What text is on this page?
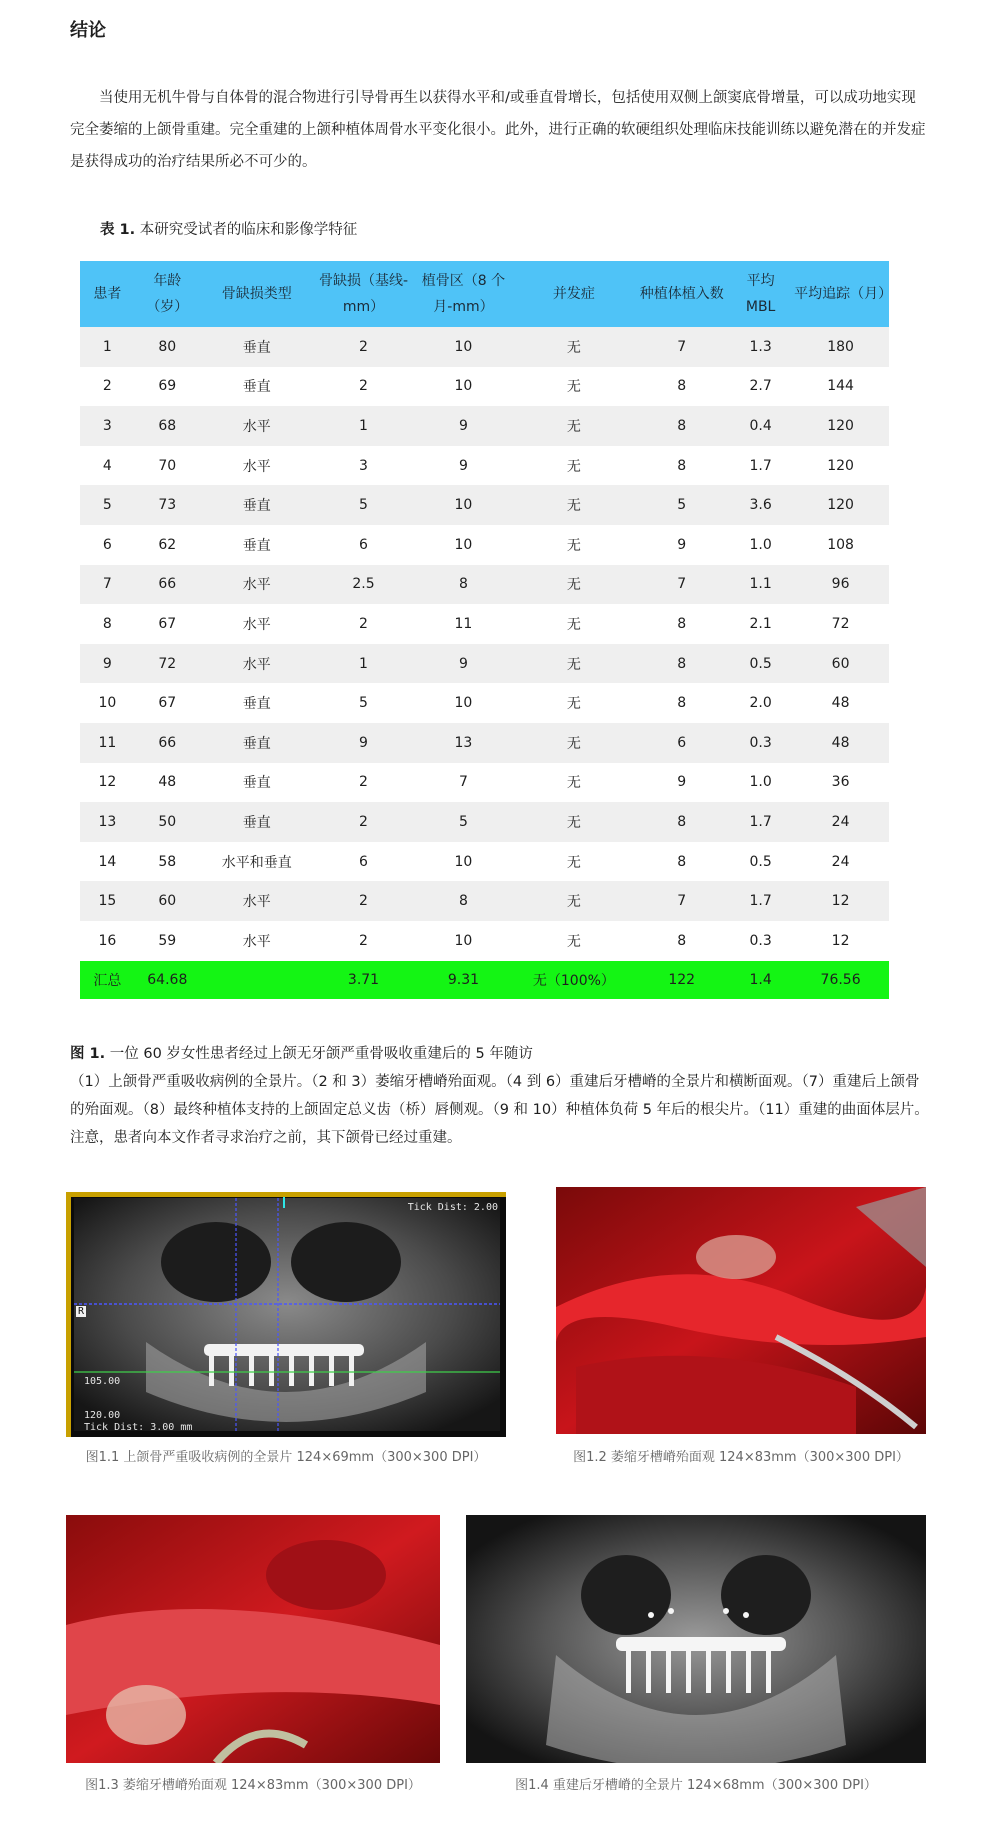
结论

当使用无机牛骨与自体骨的混合物进行引导骨再生以获得水平和/或垂直骨增长，包括使用双侧上颌窦底骨增量，可以成功地实现完全萎缩的上颌骨重建。完全重建的上颌种植体周骨水平变化很小。此外，进行正确的软硬组织处理临床技能训练以避免潜在的并发症是获得成功的治疗结果所必不可少的。

表 1. 本研究受试者的临床和影像学特征

患者	年龄（岁）	骨缺损类型	骨缺损（基线-mm）	植骨区（8 个月-mm）	并发症	种植体植入数	平均 MBL	平均追踪（月）
1	80	垂直	2	10	无	7	1.3	180
2	69	垂直	2	10	无	8	2.7	144
3	68	水平	1	9	无	8	0.4	120
4	70	水平	3	9	无	8	1.7	120
5	73	垂直	5	10	无	5	3.6	120
6	62	垂直	6	10	无	9	1.0	108
7	66	水平	2.5	8	无	7	1.1	96
8	67	水平	2	11	无	8	2.1	72
9	72	水平	1	9	无	8	0.5	60
10	67	垂直	5	10	无	8	2.0	48
11	66	垂直	9	13	无	6	0.3	48
12	48	垂直	2	7	无	9	1.0	36
13	50	垂直	2	5	无	8	1.7	24
14	58	水平和垂直	6	10	无	8	0.5	24
15	60	水平	2	8	无	7	1.7	12
16	59	水平	2	10	无	8	0.3	12
汇总	64.68		3.71	9.31	无（100%）	122	1.4	76.56
图 1. 一位 60 岁女性患者经过上颌无牙颌严重骨吸收重建后的 5 年随访
（1）上颌骨严重吸收病例的全景片。（2 和 3）萎缩牙槽嵴殆面观。（4 到 6）重建后牙槽嵴的全景片和横断面观。（7）重建后上颌骨的殆面观。（8）最终种植体支持的上颌固定总义齿（桥）唇侧观。（9 和 10）种植体负荷 5 年后的根尖片。（11）重建的曲面体层片。注意，患者向本文作者寻求治疗之前，其下颌骨已经过重建。
Tick Dist: 2.00
R
105.00
120.00
Tick Dist: 3.00 mm

图1.1 上颌骨严重吸收病例的全景片 124×69mm（300×300 DPI）	图1.2 萎缩牙槽嵴殆面观 124×83mm（300×300 DPI）

图1.3 萎缩牙槽嵴殆面观 124×83mm（300×300 DPI）	图1.4 重建后牙槽嵴的全景片 124×68mm（300×300 DPI）
